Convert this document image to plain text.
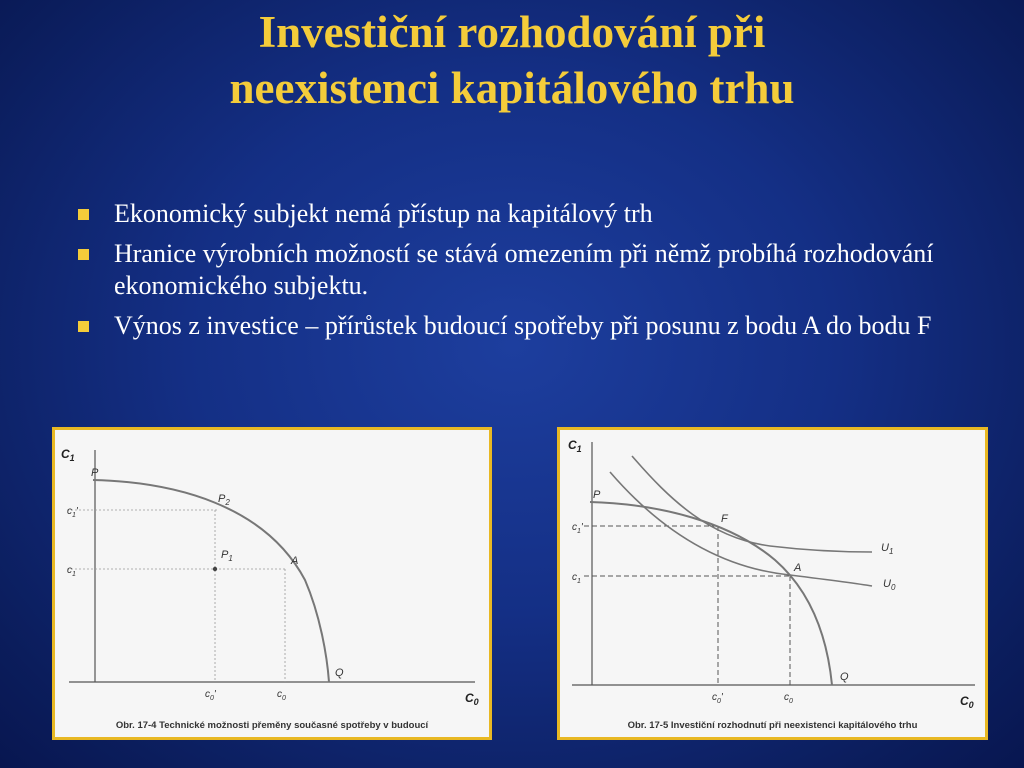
Investiční rozhodování při
neexistenci kapitálového trhu
Ekonomický subjekt nemá přístup na kapitálový trh
Hranice výrobních možností se stává omezením při němž probíhá rozhodování ekonomického subjektu.
Výnos z investice – přírůstek budoucí spotřeby při posunu z bodu A do bodu F
$C_1$
$C_0$
P
$P_2$
$P_1$	A
Q
$c_1'$
$c_1$
$c_0'$	$c_0$
Obr. 17-4 Technické možnosti přeměny současné spotřeby v budoucí
$C_1$
$C_0$
P
F
A
Q
$U_1$
$U_0$
$c_1'$
$c_1$
$c_0'$	$c_0$
Obr. 17-5 Investiční rozhodnutí při neexistenci kapitálového trhu
